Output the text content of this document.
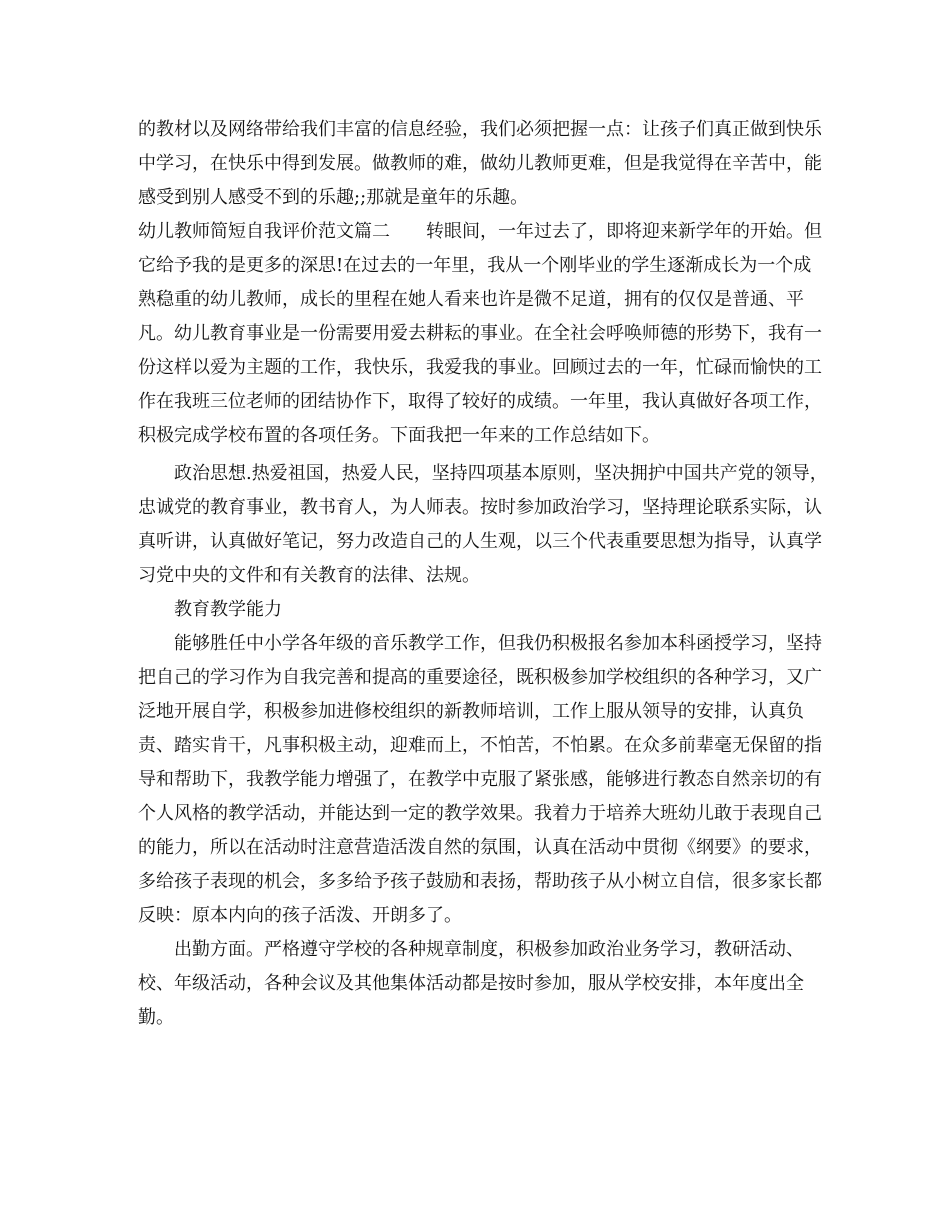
的教材以及网络带给我们丰富的信息经验，我们必须把握一点：让孩子们真正做到快乐中学习，在快乐中得到发展。做教师的难，做幼儿教师更难，但是我觉得在辛苦中，能感受到别人感受不到的乐趣;;那就是童年的乐趣。

幼儿教师简短自我评价范文篇二　　转眼间，一年过去了，即将迎来新学年的开始。但它给予我的是更多的深思!在过去的一年里，我从一个刚毕业的学生逐渐成长为一个成熟稳重的幼儿教师，成长的里程在她人看来也许是微不足道，拥有的仅仅是普通、平凡。幼儿教育事业是一份需要用爱去耕耘的事业。在全社会呼唤师德的形势下，我有一份这样以爱为主题的工作，我快乐，我爱我的事业。回顾过去的一年，忙碌而愉快的工作在我班三位老师的团结协作下，取得了较好的成绩。一年里，我认真做好各项工作，积极完成学校布置的各项任务。下面我把一年来的工作总结如下。

政治思想.热爱祖国，热爱人民，坚持四项基本原则，坚决拥护中国共产党的领导，忠诚党的教育事业，教书育人，为人师表。按时参加政治学习，坚持理论联系实际，认真听讲，认真做好笔记，努力改造自己的人生观，以三个代表重要思想为指导，认真学习党中央的文件和有关教育的法律、法规。

教育教学能力

能够胜任中小学各年级的音乐教学工作，但我仍积极报名参加本科函授学习，坚持把自己的学习作为自我完善和提高的重要途径，既积极参加学校组织的各种学习，又广泛地开展自学，积极参加进修校组织的新教师培训，工作上服从领导的安排，认真负责、踏实肯干，凡事积极主动，迎难而上，不怕苦，不怕累。在众多前辈毫无保留的指导和帮助下，我教学能力增强了，在教学中克服了紧张感，能够进行教态自然亲切的有个人风格的教学活动，并能达到一定的教学效果。我着力于培养大班幼儿敢于表现自己的能力，所以在活动时注意营造活泼自然的氛围，认真在活动中贯彻《纲要》的要求，多给孩子表现的机会，多多给予孩子鼓励和表扬，帮助孩子从小树立自信，很多家长都反映：原本内向的孩子活泼、开朗多了。

出勤方面。严格遵守学校的各种规章制度，积极参加政治业务学习，教研活动、校、年级活动，各种会议及其他集体活动都是按时参加，服从学校安排，本年度出全勤。
